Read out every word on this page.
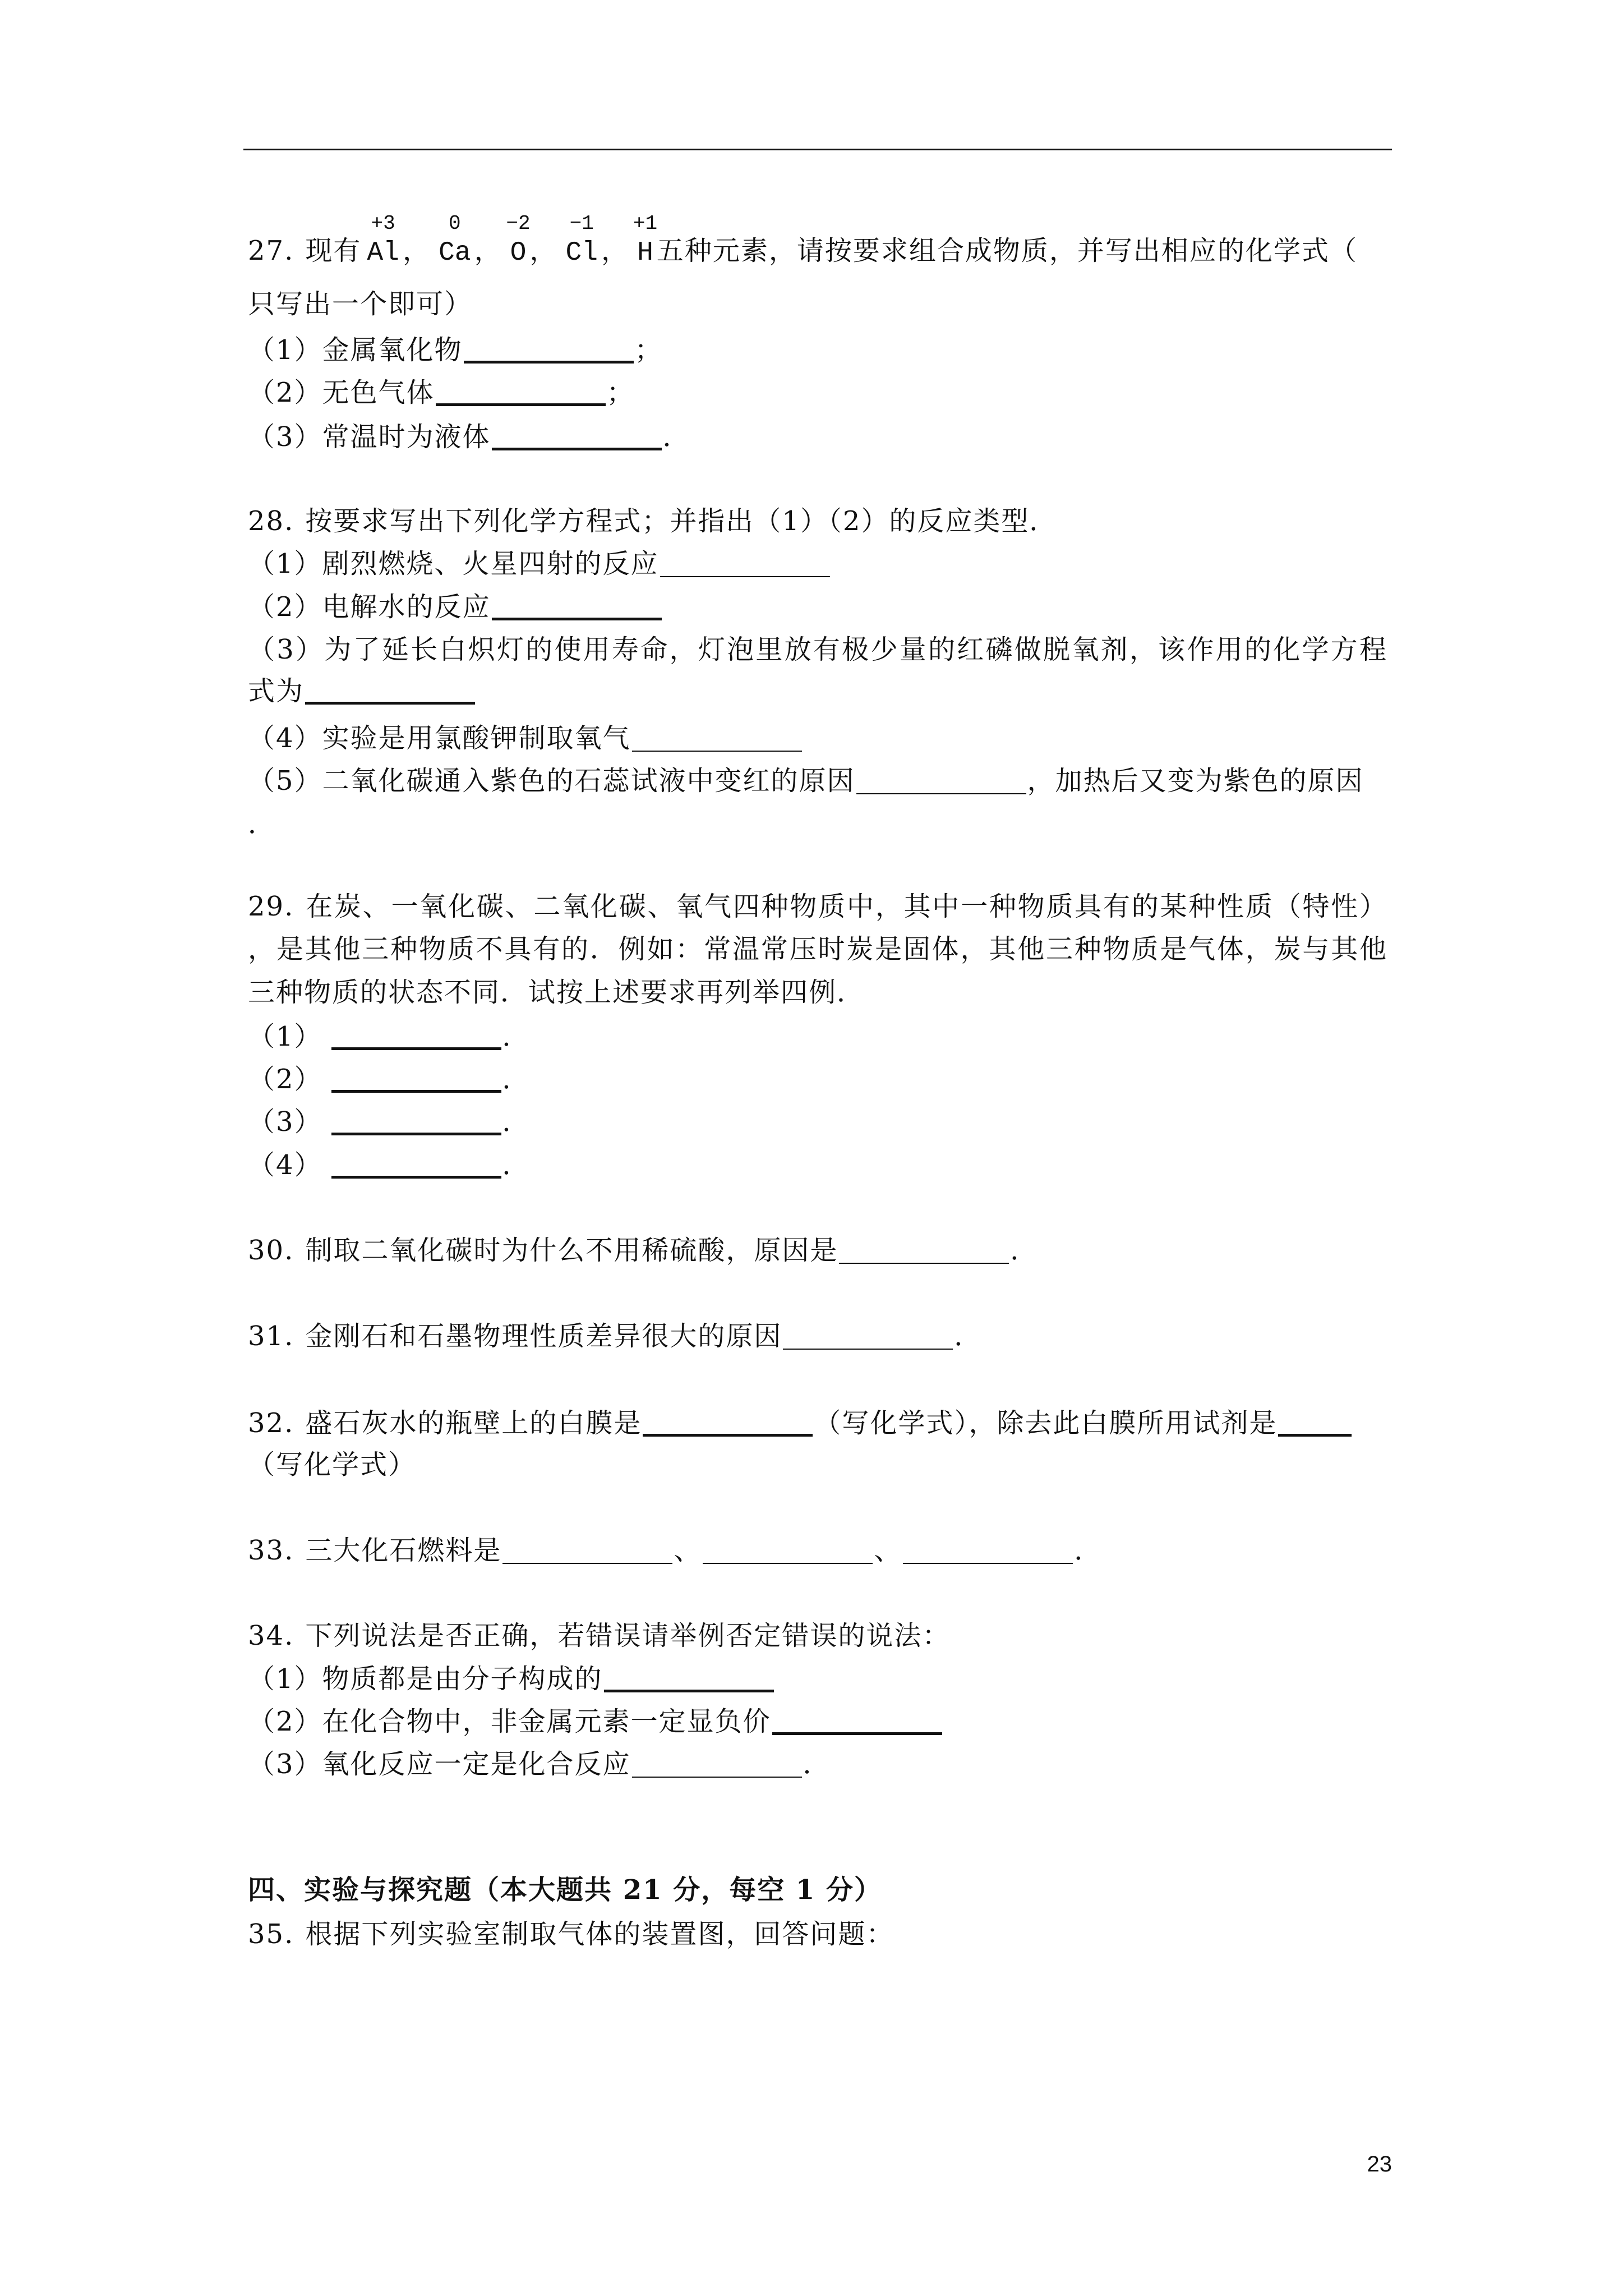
27. 现有
+3
Al ，
0
Ca ，
−2
O ，
−1
Cl ，
+1
H 五种元素，请按要求组合成物质，并写出相应的化学式（
只写出一个即可）
（1）金属氧化物	；
（2）无色气体	；
（3）常温时为液体	．
28. 按要求写出下列化学方程式；并指出（1）（2）的反应类型．
（1）剧烈燃烧、火星四射的反应
（2）电解水的反应
（3）为了延长白炽灯的使用寿命，灯泡里放有极少量的红磷做脱氧剂，该作用的化学方程
式为
（4）实验是用氯酸钾制取氧气
（5）二氧化碳通入紫色的石蕊试液中变红的原因	，加热后又变为紫色的原因
．
29. 在炭、一氧化碳、二氧化碳、氧气四种物质中，其中一种物质具有的某种性质（特性）
，是其他三种物质不具有的．例如：常温常压时炭是固体，其他三种物质是气体，炭与其他
三种物质的状态不同．试按上述要求再列举四例．
（1）	．
（2）	．
（3）	．
（4）	．
30. 制取二氧化碳时为什么不用稀硫酸，原因是	．
31. 金刚石和石墨物理性质差异很大的原因	．
32. 盛石灰水的瓶壁上的白膜是	（写化学式），除去此白膜所用试剂是
（写化学式）
33. 三大化石燃料是	、	、	．
34. 下列说法是否正确，若错误请举例否定错误的说法：
（1）物质都是由分子构成的
（2）在化合物中，非金属元素一定显负价
（3）氧化反应一定是化合反应	．
四、实验与探究题（本大题共 21 分，每空 1 分）
35. 根据下列实验室制取气体的装置图，回答问题：
23
